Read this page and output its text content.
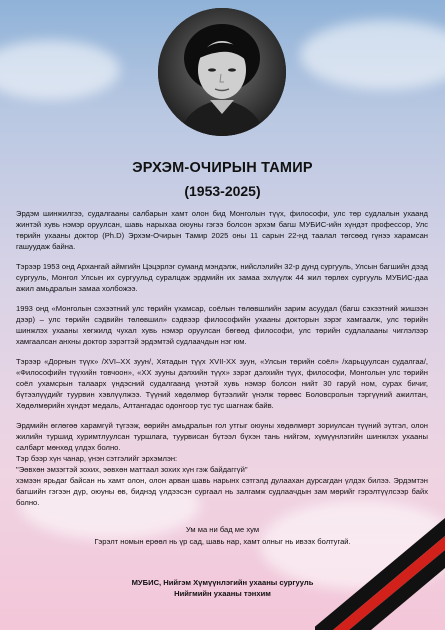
ЭРХЭМ-ОЧИРЫН ТАМИР
(1953-2025)

Эрдэм шинжилгээ, судалгааны салбарын хамт олон бид Монголын түүх, философи, улс төр судлалын ухаанд жинтэй хувь нэмэр оруулсан, шавь нарыхаа оюуны гэгээ болсон эрхэм багш МУБИС-ийн хүндэт профессор, Улс төрийн ухааны доктор (Ph.D) Эрхэм-Очирын Тамир 2025 оны 11 сарын 22-нд таалал төгсөөд гүнээ харамсан гашуудаж байна.

Тэрээр 1953 онд Архангай аймгийн Цэцэрлэг суманд мэндэлж, нийслэлийн 32-р дунд сургууль, Улсын багшийн дээд сургууль, Монгол Улсын их сургуульд суралцаж эрдмийн их замаа эхлүүлж 44 жил төрлөх сургууль МУБИС-даа ажил амьдралын замаа холбожээ.

1993 онд «Монголын сэхээтний улс төрийн үхамсар, соёлын төлөвшлийн зарим асуудал (багш сэхээтний жишээн дээр) – улс төрийн сэдвийн төлөвшил» сэдвээр философийн ухааны докторын зэрэг хамгаалж, улс төрийн шинжлэх ухааны хөгжилд чухал хувь нэмэр оруулсан бөгөөд философи, улс төрийн судлалааны чиглэлээр хамгаалсан анхны доктор зэрэгтэй эрдэмтэй судлаачдын нэг юм.

Тэрээр «Дорнын түүх» /XVI–XX зуун/, Хятадын түүх XVII-XX зуун, «Улсын төрийн соёл» /харьцуулсан судалгаа/, «Философийн түүхийн товчоон», «XX зууны дэлхийн түүх» зэрэг дэлхийн түүх, философи, Монголын улс төрийн соёл ухамсрын талаарх үндэсний судалгаанд үнэтэй хувь нэмэр болсон нийт 30 гаруй ном, сурах бичиг, бүтээлүүдийг туурвин хэвлүүлжээ. Түүний хөдөлмөр бүтээлийг үнэлж төрөөс Боловсролын тэргүүний ажилтан, Хөдөлмөрийн хүндэт медаль, Алтангадас одонгоор тус тус шагнаж байв.

Эрдмийн өглөгөө харамгүй түгээж, өөрийн амьдралын гол утгыг оюуны хөдөлмөрт зориулсан түүний эүтгэл, олон жилийн туршид хуримтлуулсан туршлага, туурвисан бүтээл бүхэн тань нийгэм, хүмүүнлэгийн шинжлэх ухааны салбарт мөнхөд үлдэх болно.

Тэр бээр хүн чанар, үнэн сэтгэлийг эрхэмлэн:

"Эөвхөн эмзэгтэй зохих, эөвхөн маттаал зохих хүн гэж байдаггүй"

хэмээн ярьдаг байсан нь хамт олон, олон арван шавь нарынх сэтгэлд дулаахан дурсагдан үлдэх билээ. Эрдэмтэн багшийн гэгээн дүр, оюуны өв, биднэд үлдээсэн сургаал нь залгамж судлаачдын зам мөрийг гэрэлтүүлсээр байх болно.

Ум ма ни бад ме хум
Гэрэлт номын ерөөл нь үр сад, шавь нар, хамт олныг нь ивээх болтугай.
МУБИС, Нийгэм Хүмүүнлэгийн ухааны сургууль
Нийгмийн ухааны тэнхим
